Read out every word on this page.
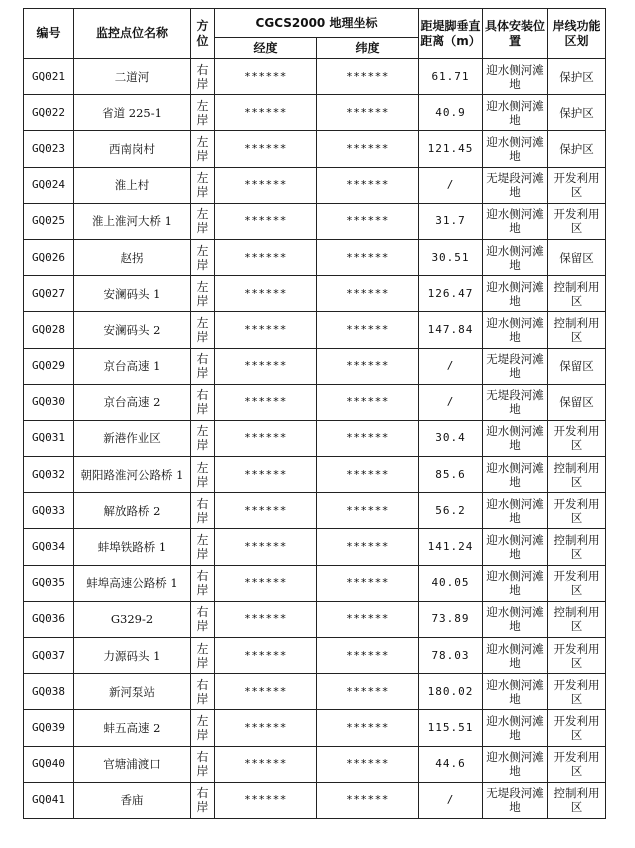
编号	监控点位名称	方位	CGCS2000 地理坐标		距堤脚垂直距离（m）	具体安装位置	岸线功能区划
			经度	纬度			
GQ021	二道河	右岸	******	******	61.71	迎水侧河滩地	保护区
GQ022	省道 225-1	左岸	******	******	40.9	迎水侧河滩地	保护区
GQ023	西南岗村	左岸	******	******	121.45	迎水侧河滩地	保护区
GQ024	淮上村	左岸	******	******	/	无堤段河滩地	开发利用区
GQ025	淮上淮河大桥 1	左岸	******	******	31.7	迎水侧河滩地	开发利用区
GQ026	赵拐	左岸	******	******	30.51	迎水侧河滩地	保留区
GQ027	安澜码头 1	左岸	******	******	126.47	迎水侧河滩地	控制利用区
GQ028	安澜码头 2	左岸	******	******	147.84	迎水侧河滩地	控制利用区
GQ029	京台高速 1	右岸	******	******	/	无堤段河滩地	保留区
GQ030	京台高速 2	右岸	******	******	/	无堤段河滩地	保留区
GQ031	新港作业区	左岸	******	******	30.4	迎水侧河滩地	开发利用区
GQ032	朝阳路淮河公路桥 1	左岸	******	******	85.6	迎水侧河滩地	控制利用区
GQ033	解放路桥 2	右岸	******	******	56.2	迎水侧河滩地	开发利用区
GQ034	蚌埠铁路桥 1	左岸	******	******	141.24	迎水侧河滩地	控制利用区
GQ035	蚌埠高速公路桥 1	右岸	******	******	40.05	迎水侧河滩地	开发利用区
GQ036	G329-2	右岸	******	******	73.89	迎水侧河滩地	控制利用区
GQ037	力源码头 1	左岸	******	******	78.03	迎水侧河滩地	开发利用区
GQ038	新河泵站	右岸	******	******	180.02	迎水侧河滩地	开发利用区
GQ039	蚌五高速 2	左岸	******	******	115.51	迎水侧河滩地	开发利用区
GQ040	官塘浦渡口	右岸	******	******	44.6	迎水侧河滩地	开发利用区
GQ041	香庙	右岸	******	******	/	无堤段河滩地	控制利用区
